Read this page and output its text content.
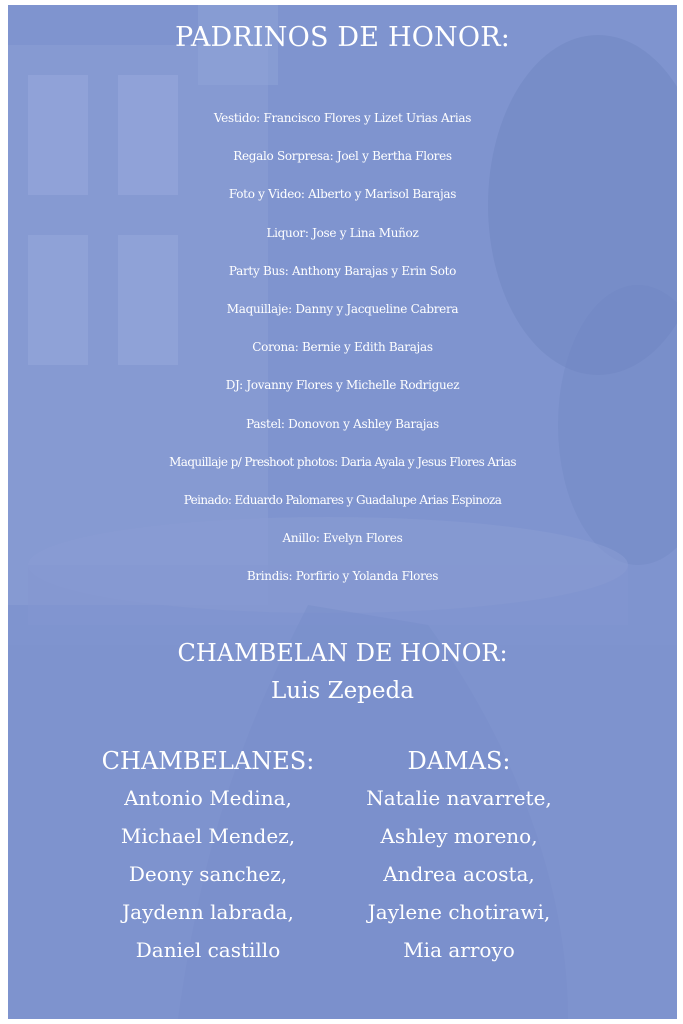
PADRINOS DE HONOR:
Vestido: Francisco Flores y Lizet Urias Arias
Regalo Sorpresa: Joel y Bertha Flores
Foto y Video: Alberto y Marisol Barajas
Liquor: Jose y Lina Muñoz
Party Bus: Anthony Barajas y Erin Soto
Maquillaje: Danny y Jacqueline Cabrera
Corona: Bernie y Edith Barajas
DJ: Jovanny Flores y Michelle Rodriguez
Pastel: Donovon y Ashley Barajas
Maquillaje p/ Preshoot photos: Daria Ayala y Jesus Flores Arias
Peinado: Eduardo Palomares y Guadalupe Arias Espinoza
Anillo: Evelyn Flores
Brindis: Porfirio y Yolanda Flores
CHAMBELAN DE HONOR:
Luis Zepeda
CHAMBELANES:
Antonio Medina,
Michael Mendez,
Deony sanchez,
Jaydenn labrada,
Daniel castillo
DAMAS:
Natalie navarrete,
Ashley moreno,
Andrea acosta,
Jaylene chotirawi,
Mia arroyo
